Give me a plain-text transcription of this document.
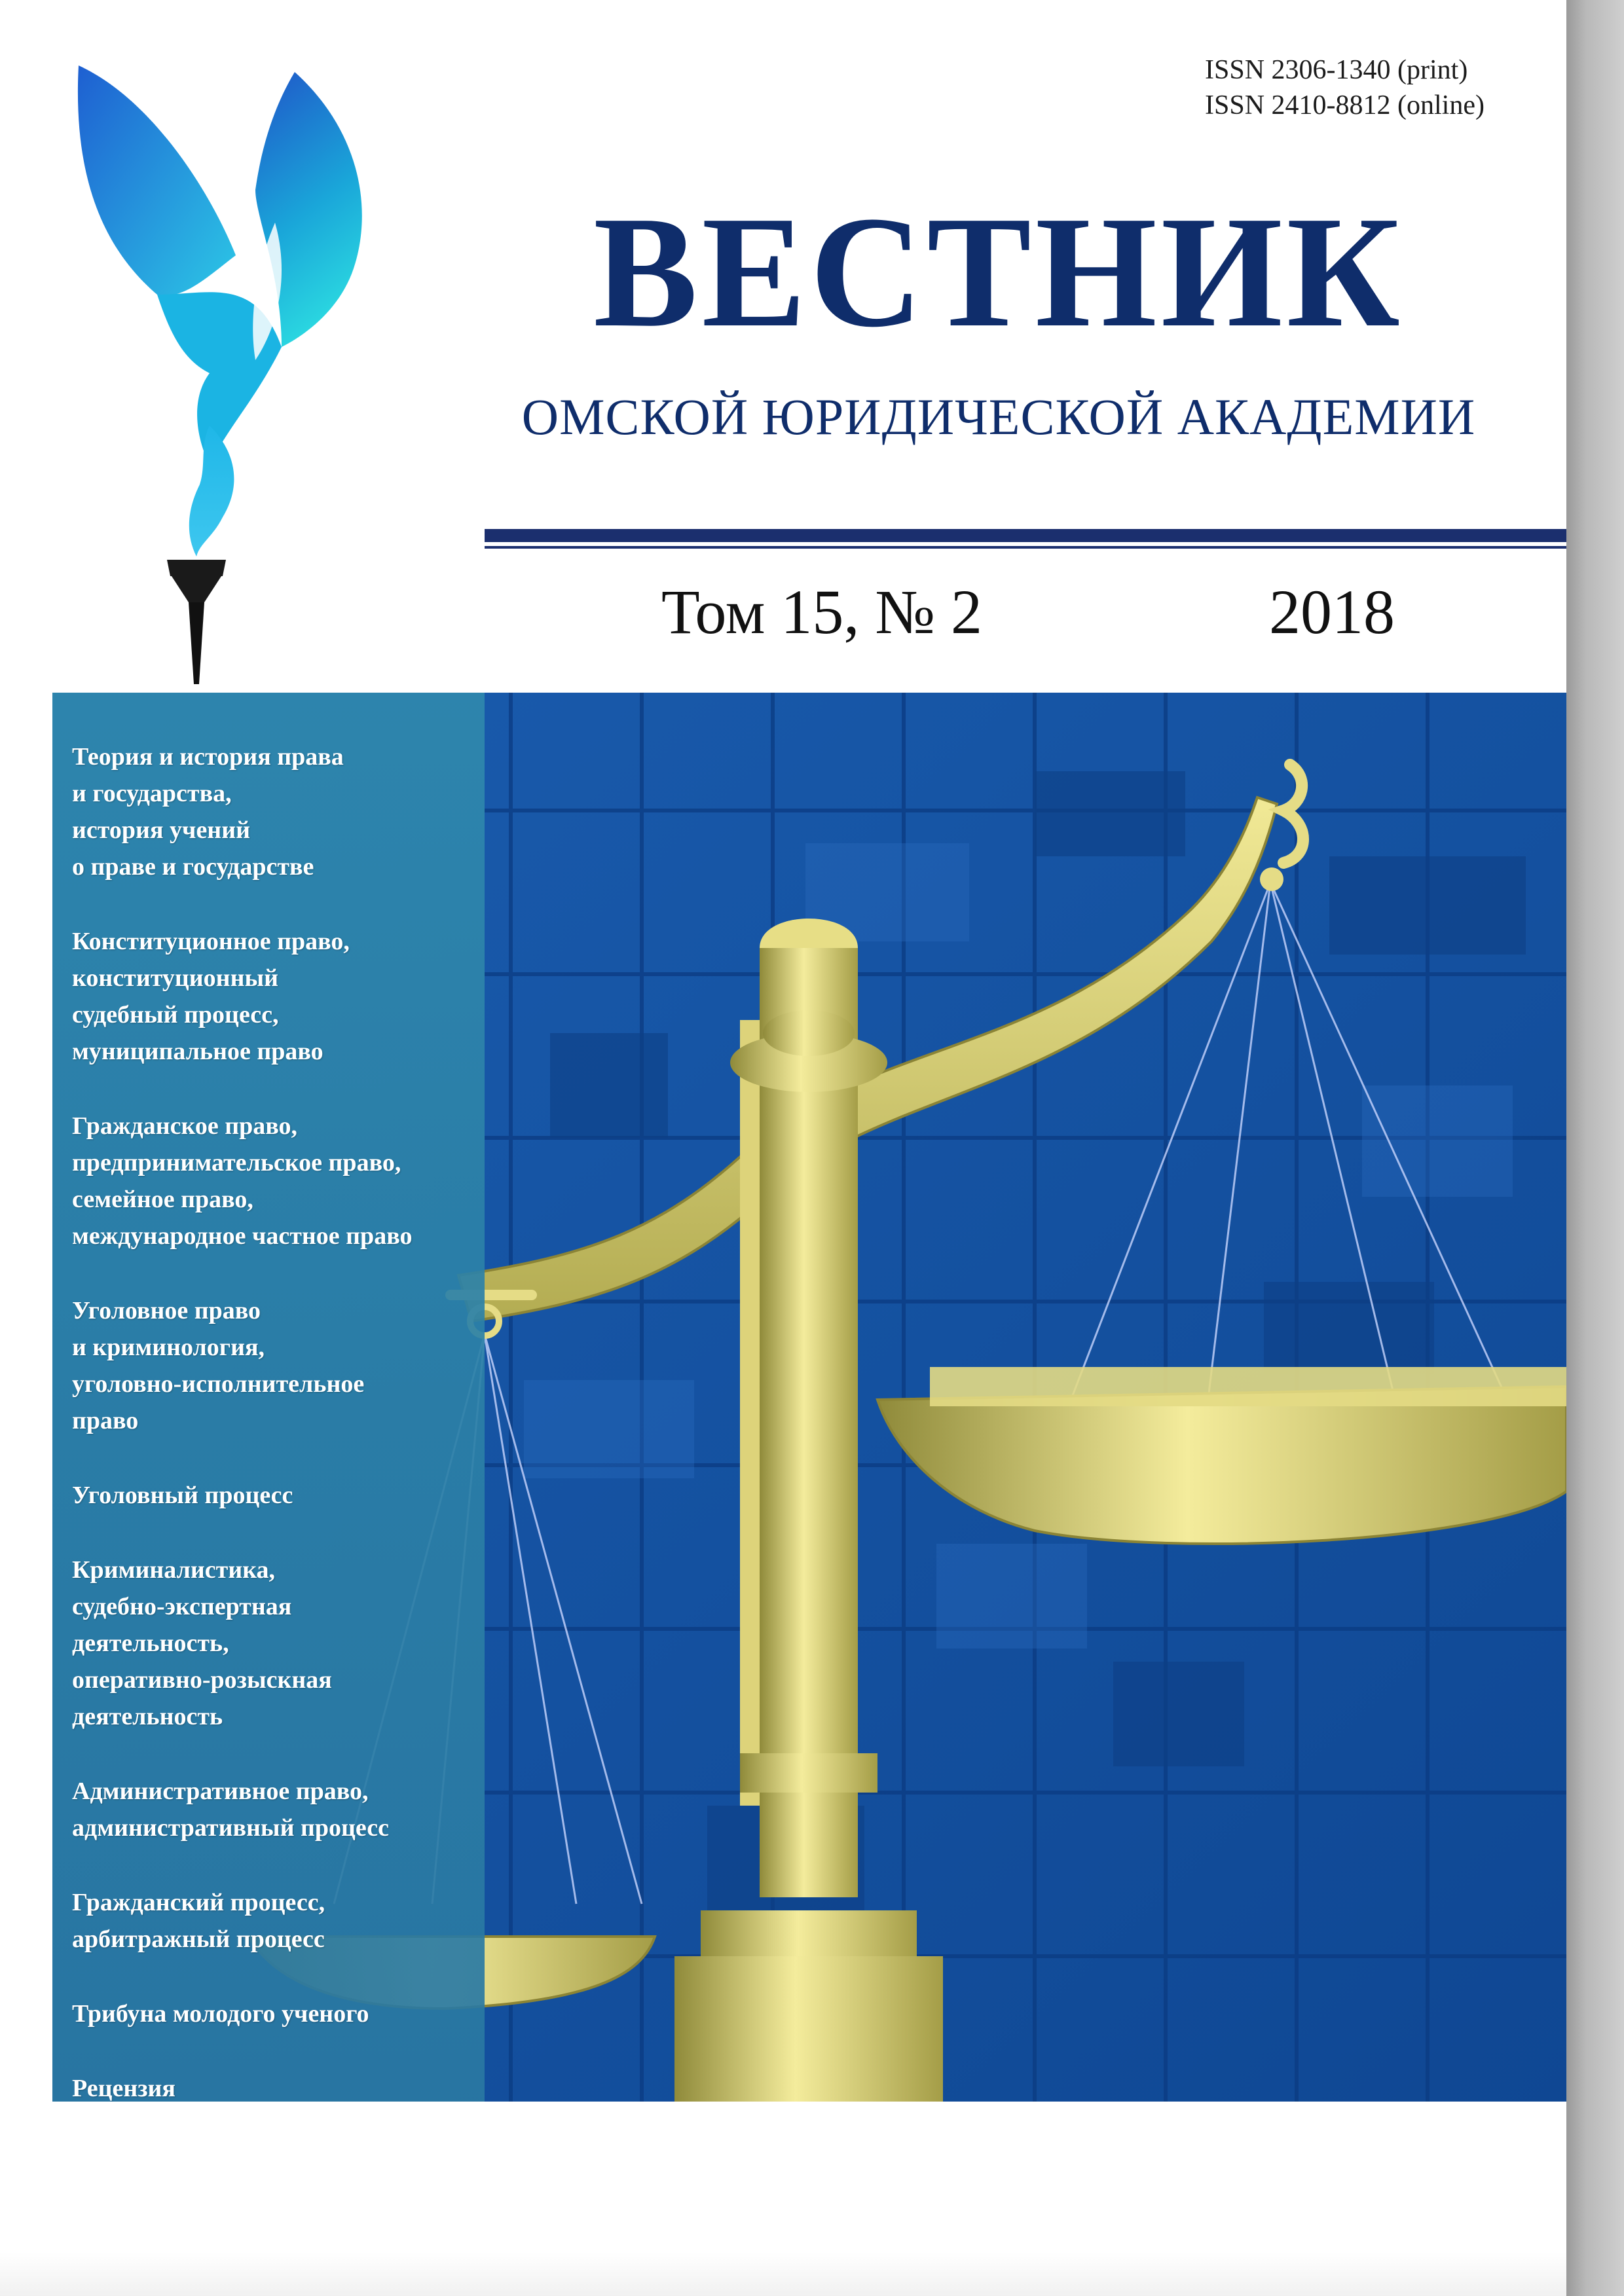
ISSN 2306-1340 (print)
ISSN 2410-8812 (online)
ВЕСТНИК
ОМСКОЙ ЮРИДИЧЕСКОЙ АКАДЕМИИ
Том 15, № 2	2018
Теория и история права
и государства,
история учений
о праве и государстве
Конституционное право,
конституционный
судебный процесс,
муниципальное право
Гражданское право,
предпринимательское право,
семейное право,
международное частное право
Уголовное право
и криминология,
уголовно-исполнительное
право
Уголовный процесс
Криминалистика,
судебно-экспертная
деятельность,
оперативно-розыскная
деятельность
Административное право,
административный процесс
Гражданский процесс,
арбитражный процесс
Трибуна молодого ученого
Рецензия
